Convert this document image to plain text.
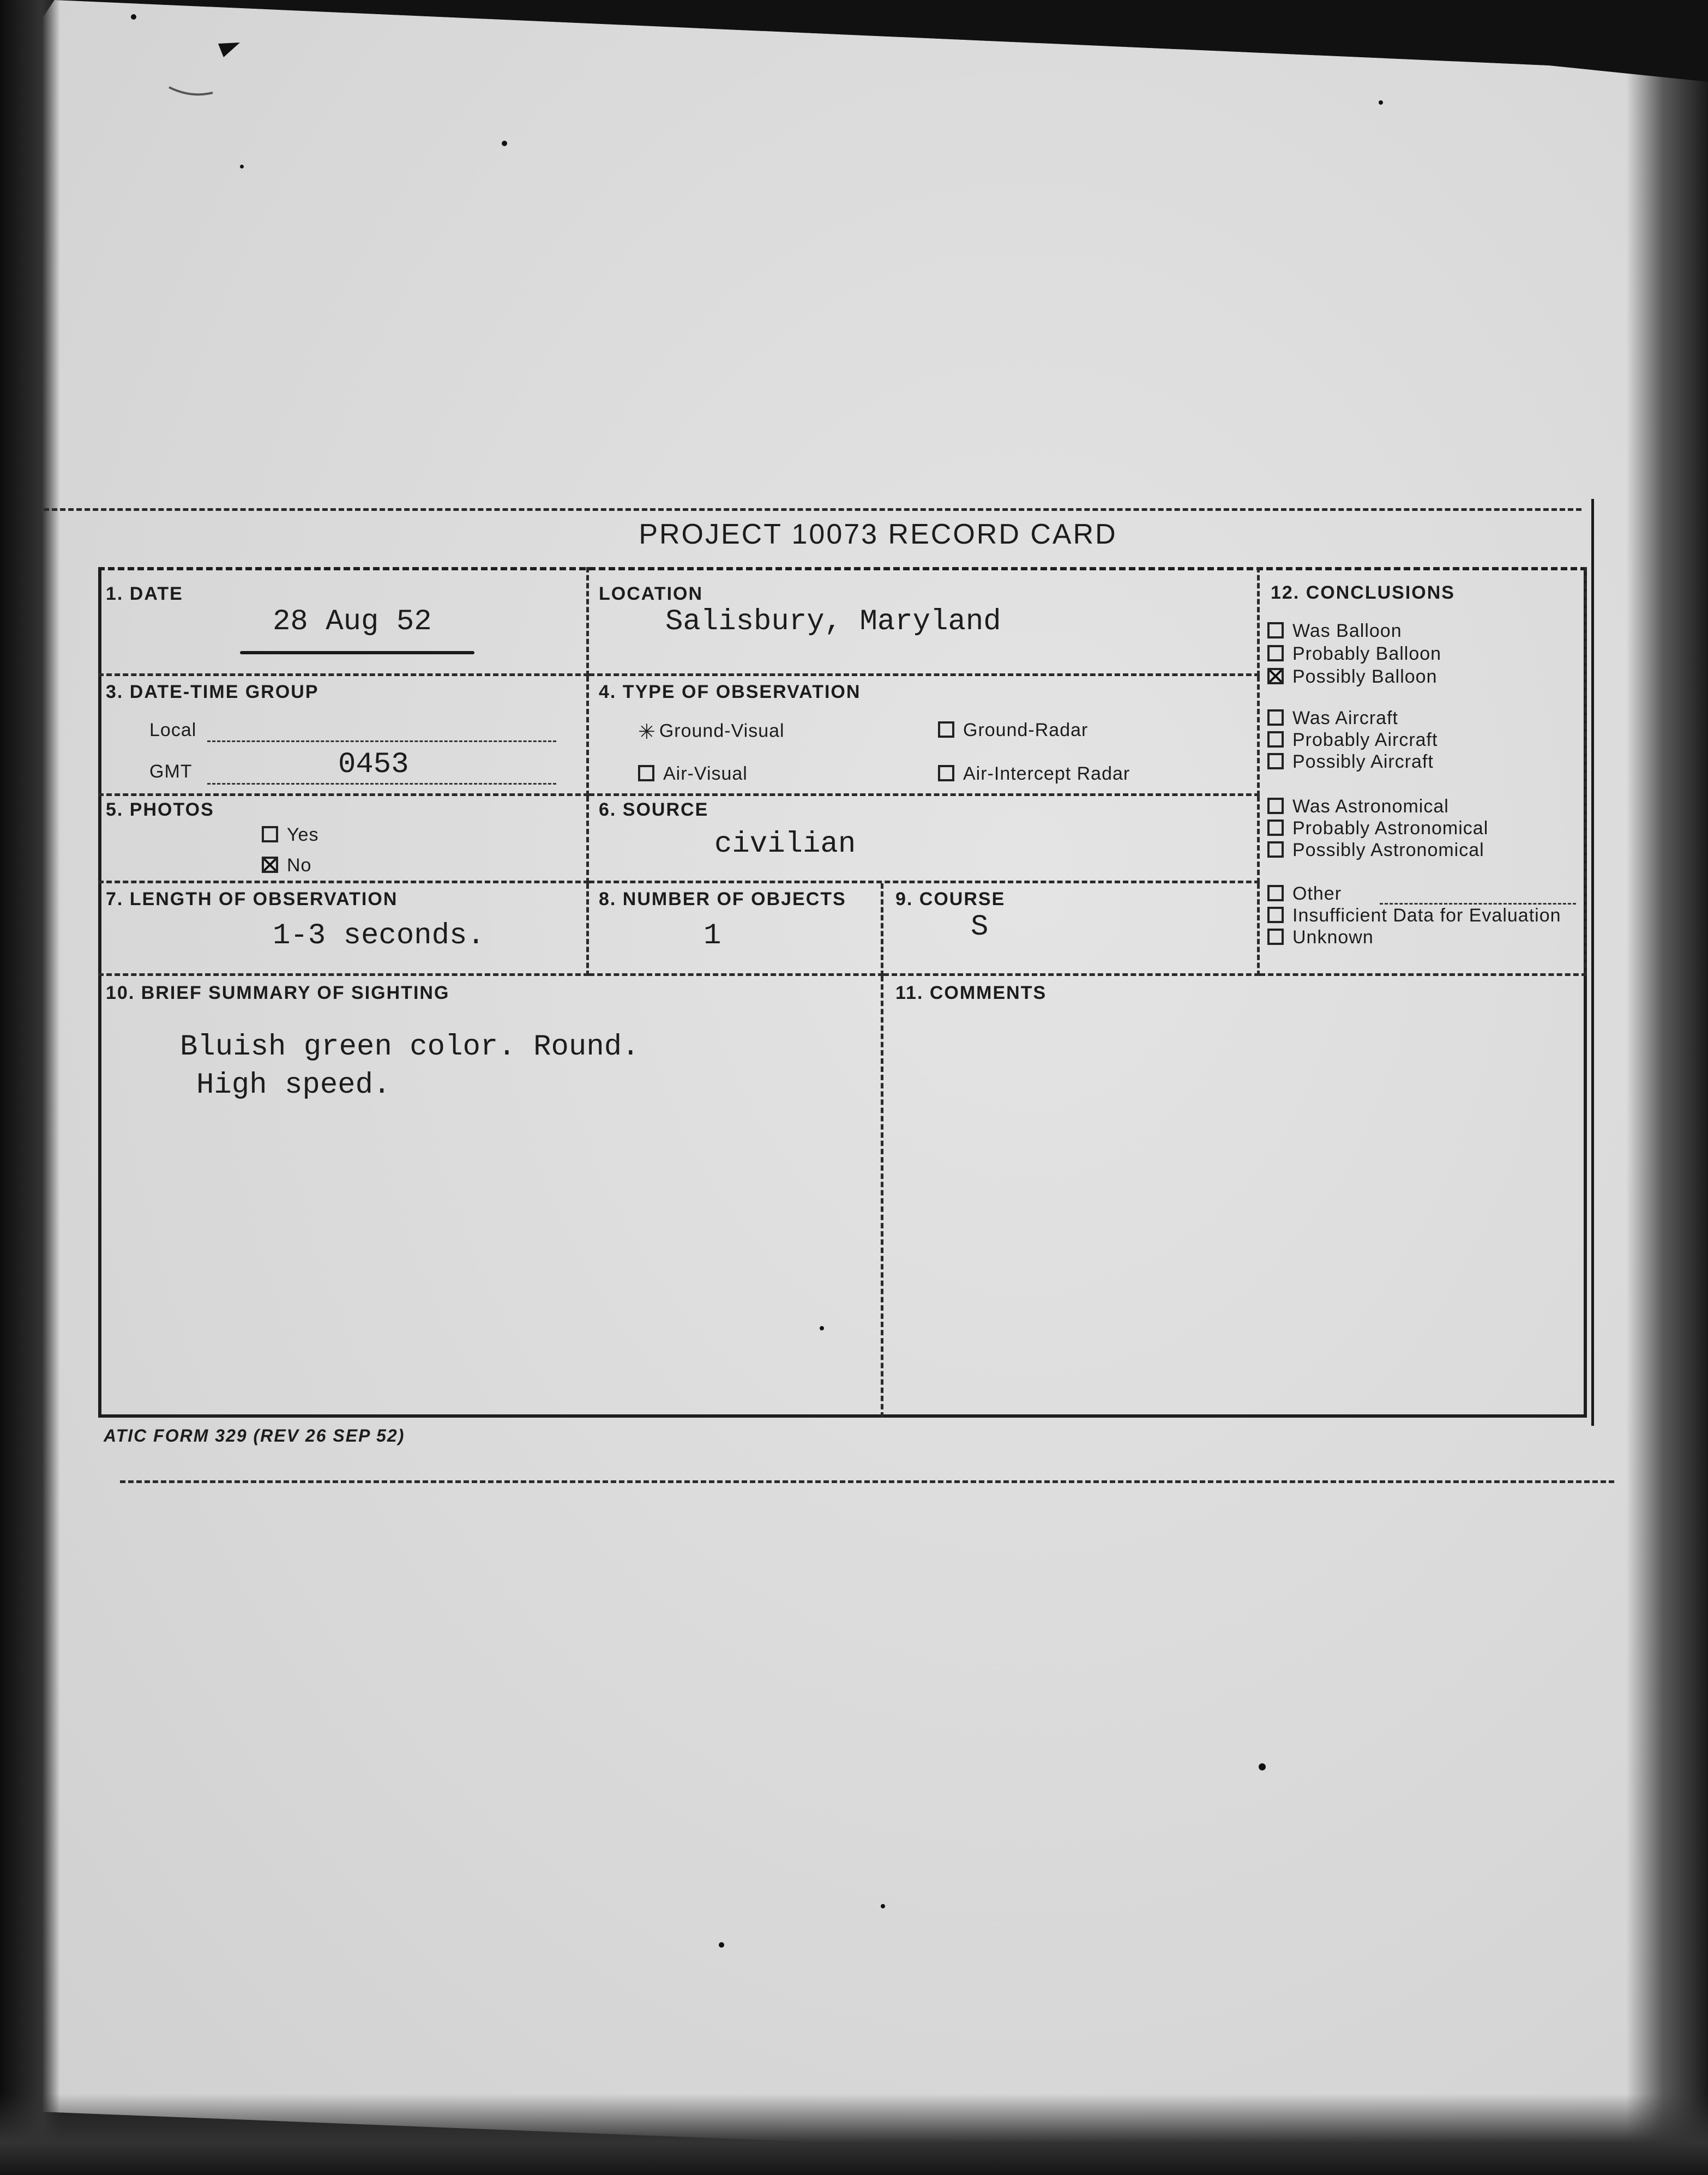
PROJECT 10073 RECORD CARD
1. DATE
28 Aug 52
LOCATION
Salisbury, Maryland
3. DATE-TIME GROUP
Local
GMT	0453
4. TYPE OF OBSERVATION
✳ Ground-Visual	Ground-Radar
Air-Visual	Air-Intercept Radar
5. PHOTOS
Yes
No
6. SOURCE
civilian
7. LENGTH OF OBSERVATION
1-3 seconds.
8. NUMBER OF OBJECTS
1
9. COURSE
S
12. CONCLUSIONS
Was Balloon
Probably Balloon
Possibly Balloon
Was Aircraft
Probably Aircraft
Possibly Aircraft
Was Astronomical
Probably Astronomical
Possibly Astronomical
Other
Insufficient Data for Evaluation
Unknown
10. BRIEF SUMMARY OF SIGHTING
Bluish green color. Round.
High speed.
11. COMMENTS
ATIC FORM 329 (REV 26 SEP 52)
